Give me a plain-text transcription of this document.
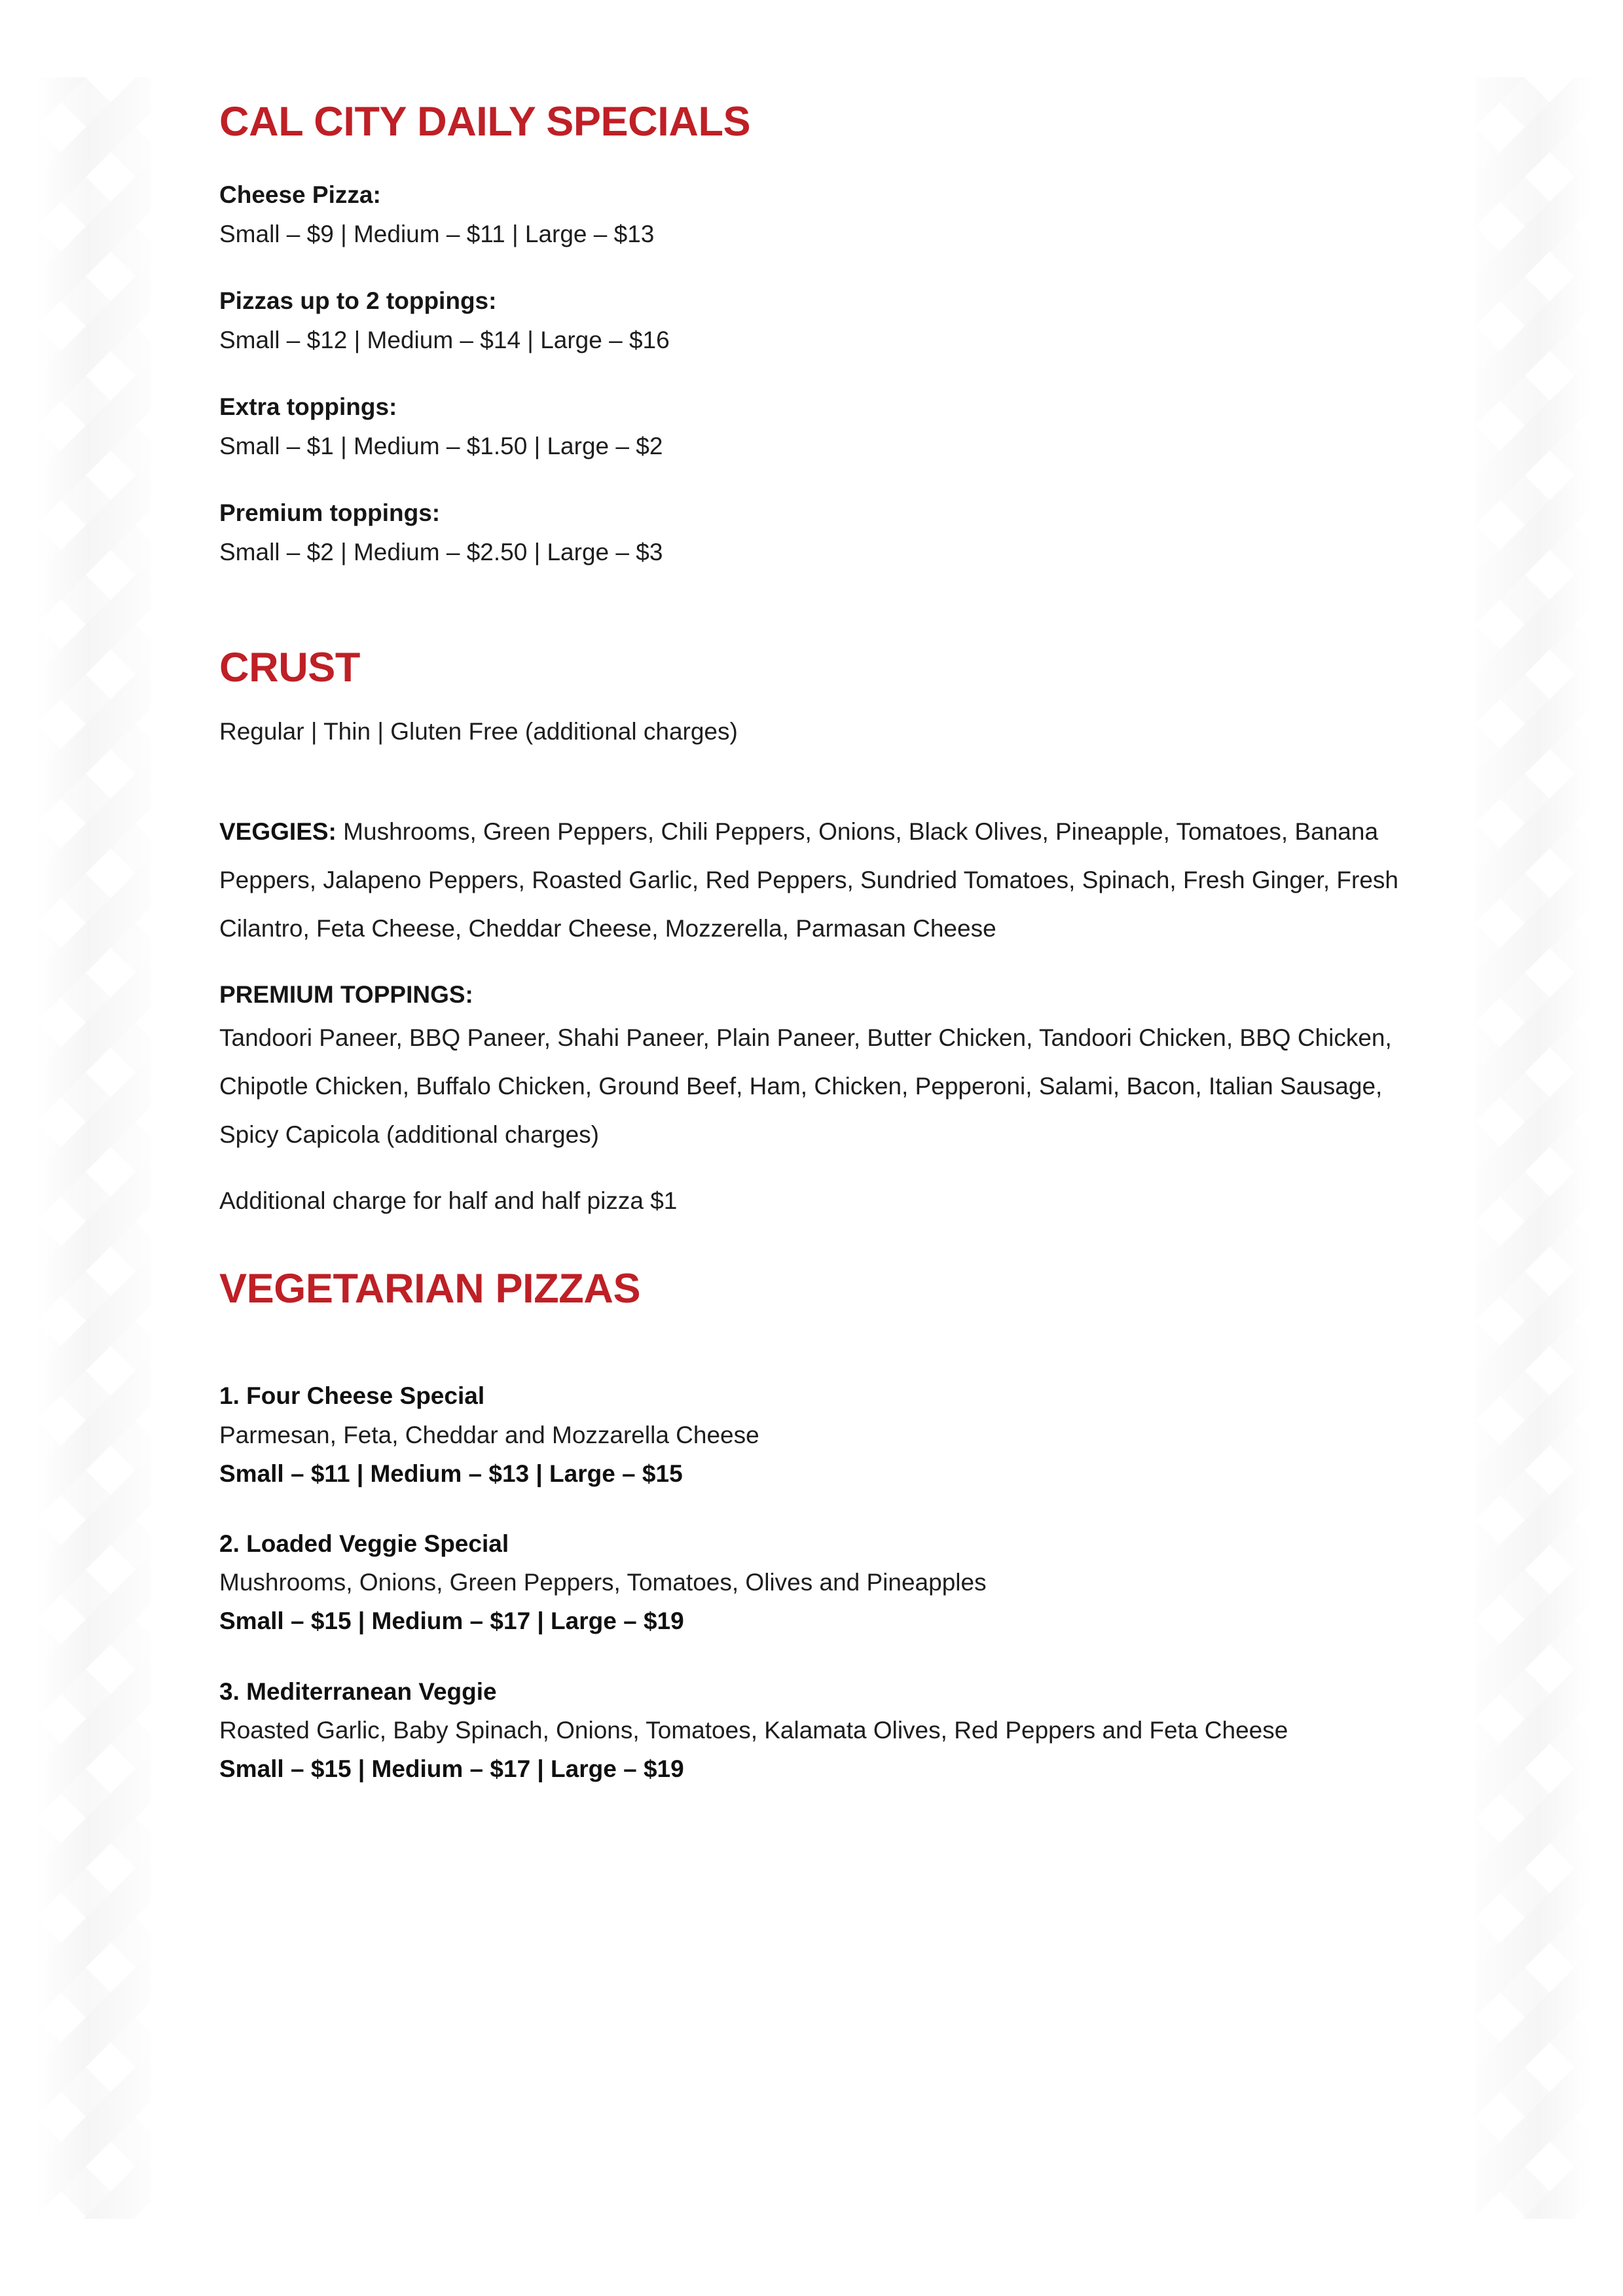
CAL CITY DAILY SPECIALS
Cheese Pizza:
Small – $9 | Medium – $11 | Large – $13
Pizzas up to 2 toppings:
Small – $12 | Medium – $14 | Large – $16
Extra toppings:
Small – $1 | Medium – $1.50 | Large – $2
Premium toppings:
Small – $2 | Medium – $2.50 | Large – $3
CRUST
Regular | Thin | Gluten Free (additional charges)

VEGGIES: Mushrooms, Green Peppers, Chili Peppers, Onions, Black Olives, Pineapple, Tomatoes, Banana Peppers, Jalapeno Peppers, Roasted Garlic, Red Peppers, Sundried Tomatoes, Spinach, Fresh Ginger, Fresh Cilantro, Feta Cheese, Cheddar Cheese, Mozzerella, Parmasan Cheese

PREMIUM TOPPINGS:

Tandoori Paneer, BBQ Paneer, Shahi Paneer, Plain Paneer, Butter Chicken, Tandoori Chicken, BBQ Chicken, Chipotle Chicken, Buffalo Chicken, Ground Beef, Ham, Chicken, Pepperoni, Salami, Bacon, Italian Sausage, Spicy Capicola (additional charges)

Additional charge for half and half pizza $1
VEGETARIAN PIZZAS
1. Four Cheese Special
Parmesan, Feta, Cheddar and Mozzarella Cheese
Small – $11 | Medium – $13 | Large – $15
2. Loaded Veggie Special
Mushrooms, Onions, Green Peppers, Tomatoes, Olives and Pineapples
Small – $15 | Medium – $17 | Large – $19
3. Mediterranean Veggie
Roasted Garlic, Baby Spinach, Onions, Tomatoes, Kalamata Olives, Red Peppers and Feta Cheese
Small – $15 | Medium – $17 | Large – $19
